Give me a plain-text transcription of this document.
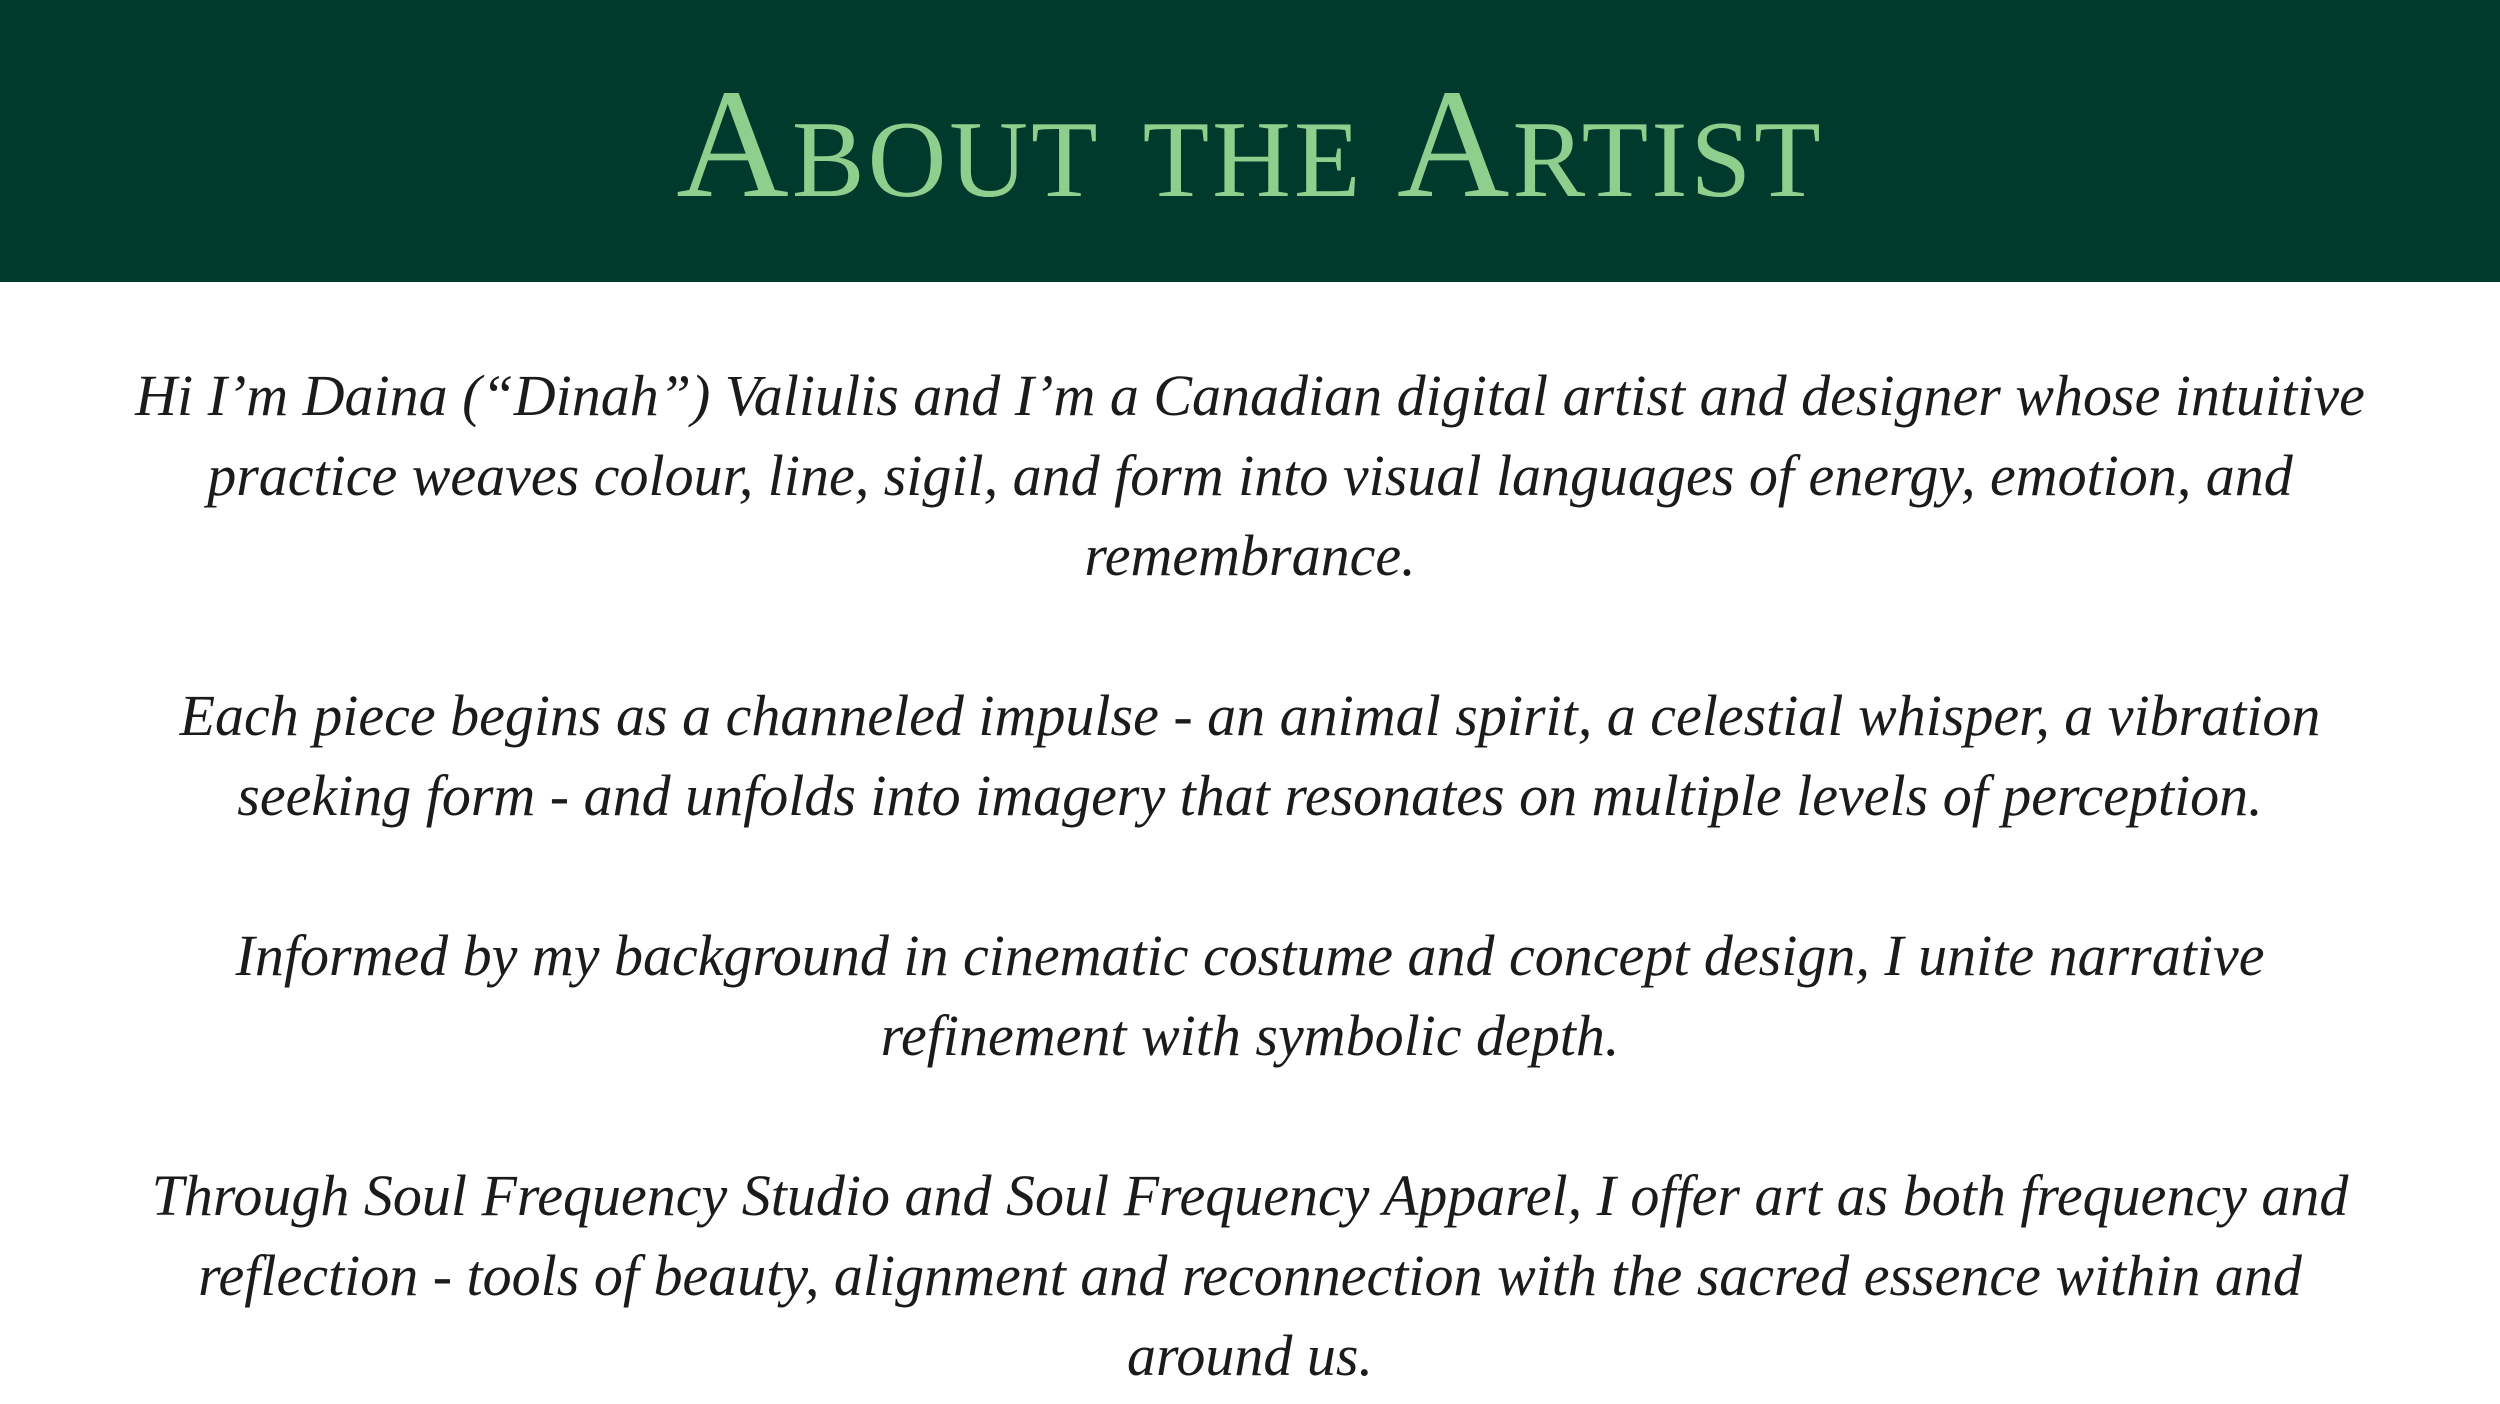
About the Artist

Hi I’m Daina (“Dinah”) Valiulis and I’m a Canadian digital artist and designer whose intuitive practice weaves colour, line, sigil, and form into visual languages of energy, emotion, and remembrance.

Each piece begins as a channeled impulse - an animal spirit, a celestial whisper, a vibration seeking form - and unfolds into imagery that resonates on multiple levels of perception.

Informed by my background in cinematic costume and concept design, I unite narrative refinement with symbolic depth.

Through Soul Frequency Studio and Soul Frequency Apparel, I offer art as both frequency and reflection - tools of beauty, alignment and reconnection with the sacred essence within and around us.
